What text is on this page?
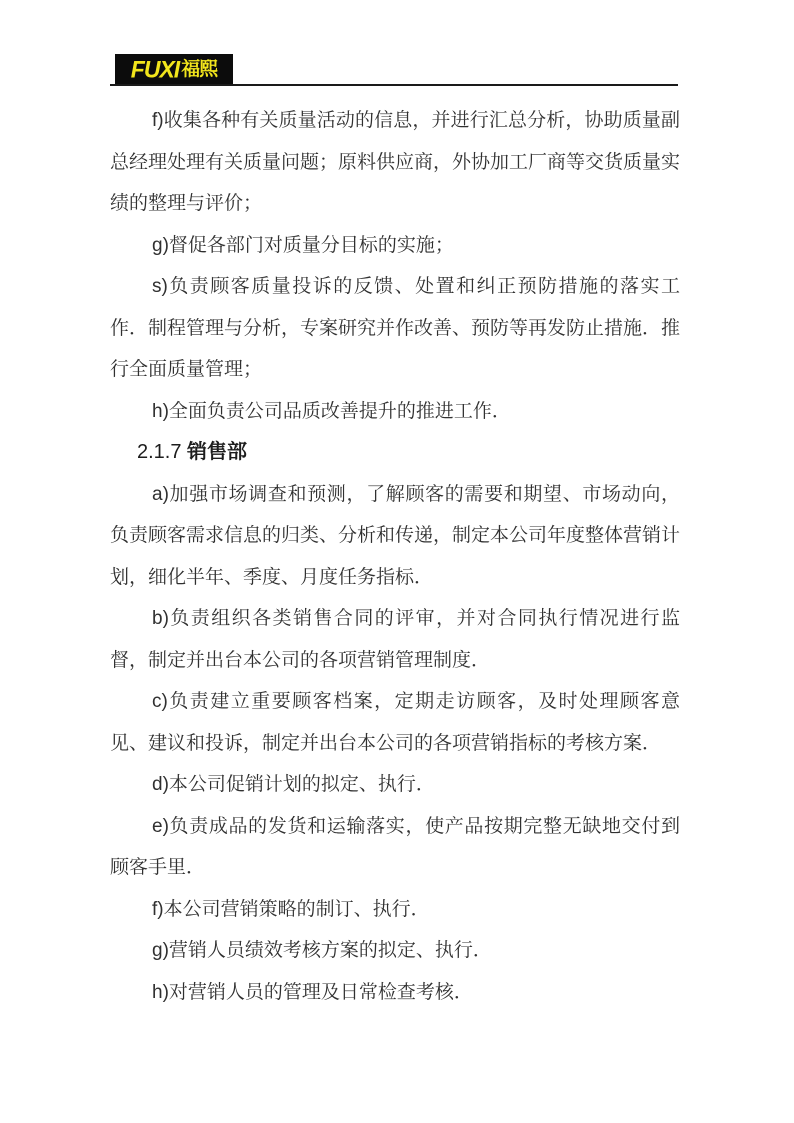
FUXI 福熙

f)收集各种有关质量活动的信息，并进行汇总分析，协助质量副总经理处理有关质量问题；原料供应商，外协加工厂商等交货质量实绩的整理与评价；

g)督促各部门对质量分目标的实施；

s)负责顾客质量投诉的反馈、处置和纠正预防措施的落实工作．制程管理与分析，专案研究并作改善、预防等再发防止措施．推行全面质量管理；

h)全面负责公司品质改善提升的推进工作．

2.1.7 销售部

a)加强市场调查和预测，了解顾客的需要和期望、市场动向，负责顾客需求信息的归类、分析和传递，制定本公司年度整体营销计划，细化半年、季度、月度任务指标．

b)负责组织各类销售合同的评审，并对合同执行情况进行监督，制定并出台本公司的各项营销管理制度．

c)负责建立重要顾客档案，定期走访顾客，及时处理顾客意见、建议和投诉，制定并出台本公司的各项营销指标的考核方案．

d)本公司促销计划的拟定、执行．

e)负责成品的发货和运输落实，使产品按期完整无缺地交付到顾客手里．

f)本公司营销策略的制订、执行．

g)营销人员绩效考核方案的拟定、执行．

h)对营销人员的管理及日常检查考核．
